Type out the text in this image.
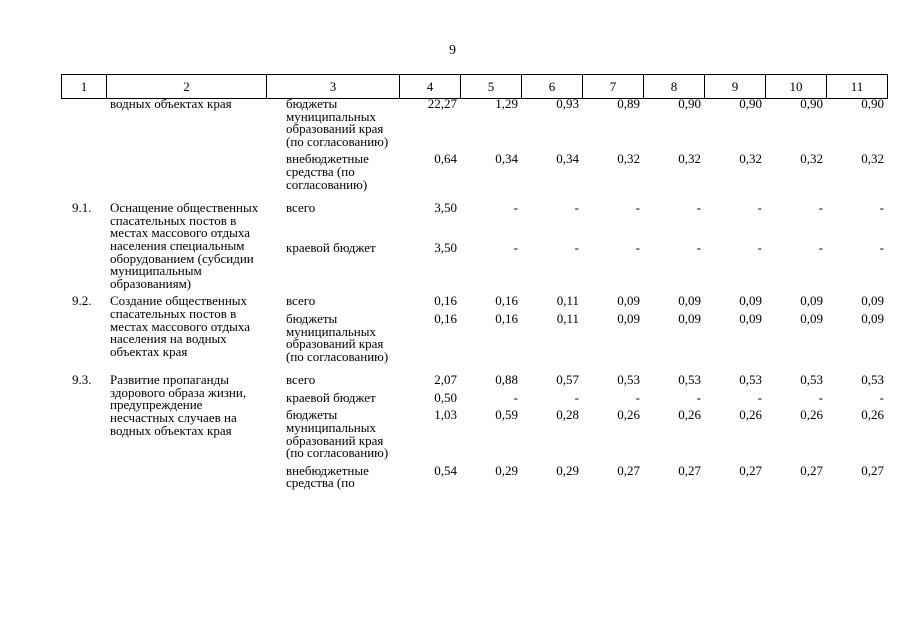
9
1	2	3	4	5	6	7	8	9	10	11
	водных объектах края	бюджеты муниципальных образований края (по согласованию)	22,27	1,29	0,93	0,89	0,90	0,90	0,90	0,90
		внебюджетные средства (по согласованию)	0,64	0,34	0,34	0,32	0,32	0,32	0,32	0,32
9.1.	Оснащение общественных спасательных постов в местах массового отдыха населения специальным оборудованием (субсидии муниципальным образованиям)	всего	3,50	-	-	-	-	-	-	-
		краевой бюджет	3,50	-	-	-	-	-	-	-
9.2.	Создание общественных спасательных постов в местах массового отдыха населения на водных объектах края	всего	0,16	0,16	0,11	0,09	0,09	0,09	0,09	0,09
		бюджеты муниципальных образований края (по согласованию)	0,16	0,16	0,11	0,09	0,09	0,09	0,09	0,09
9.3.	Развитие пропаганды здорового образа жизни, предупреждение несчастных случаев на водных объектах края	всего	2,07	0,88	0,57	0,53	0,53	0,53	0,53	0,53
		краевой бюджет	0,50	-	-	-	-	-	-	-
		бюджеты муниципальных образований края (по согласованию)	1,03	0,59	0,28	0,26	0,26	0,26	0,26	0,26
		внебюджетные средства (по	0,54	0,29	0,29	0,27	0,27	0,27	0,27	0,27
